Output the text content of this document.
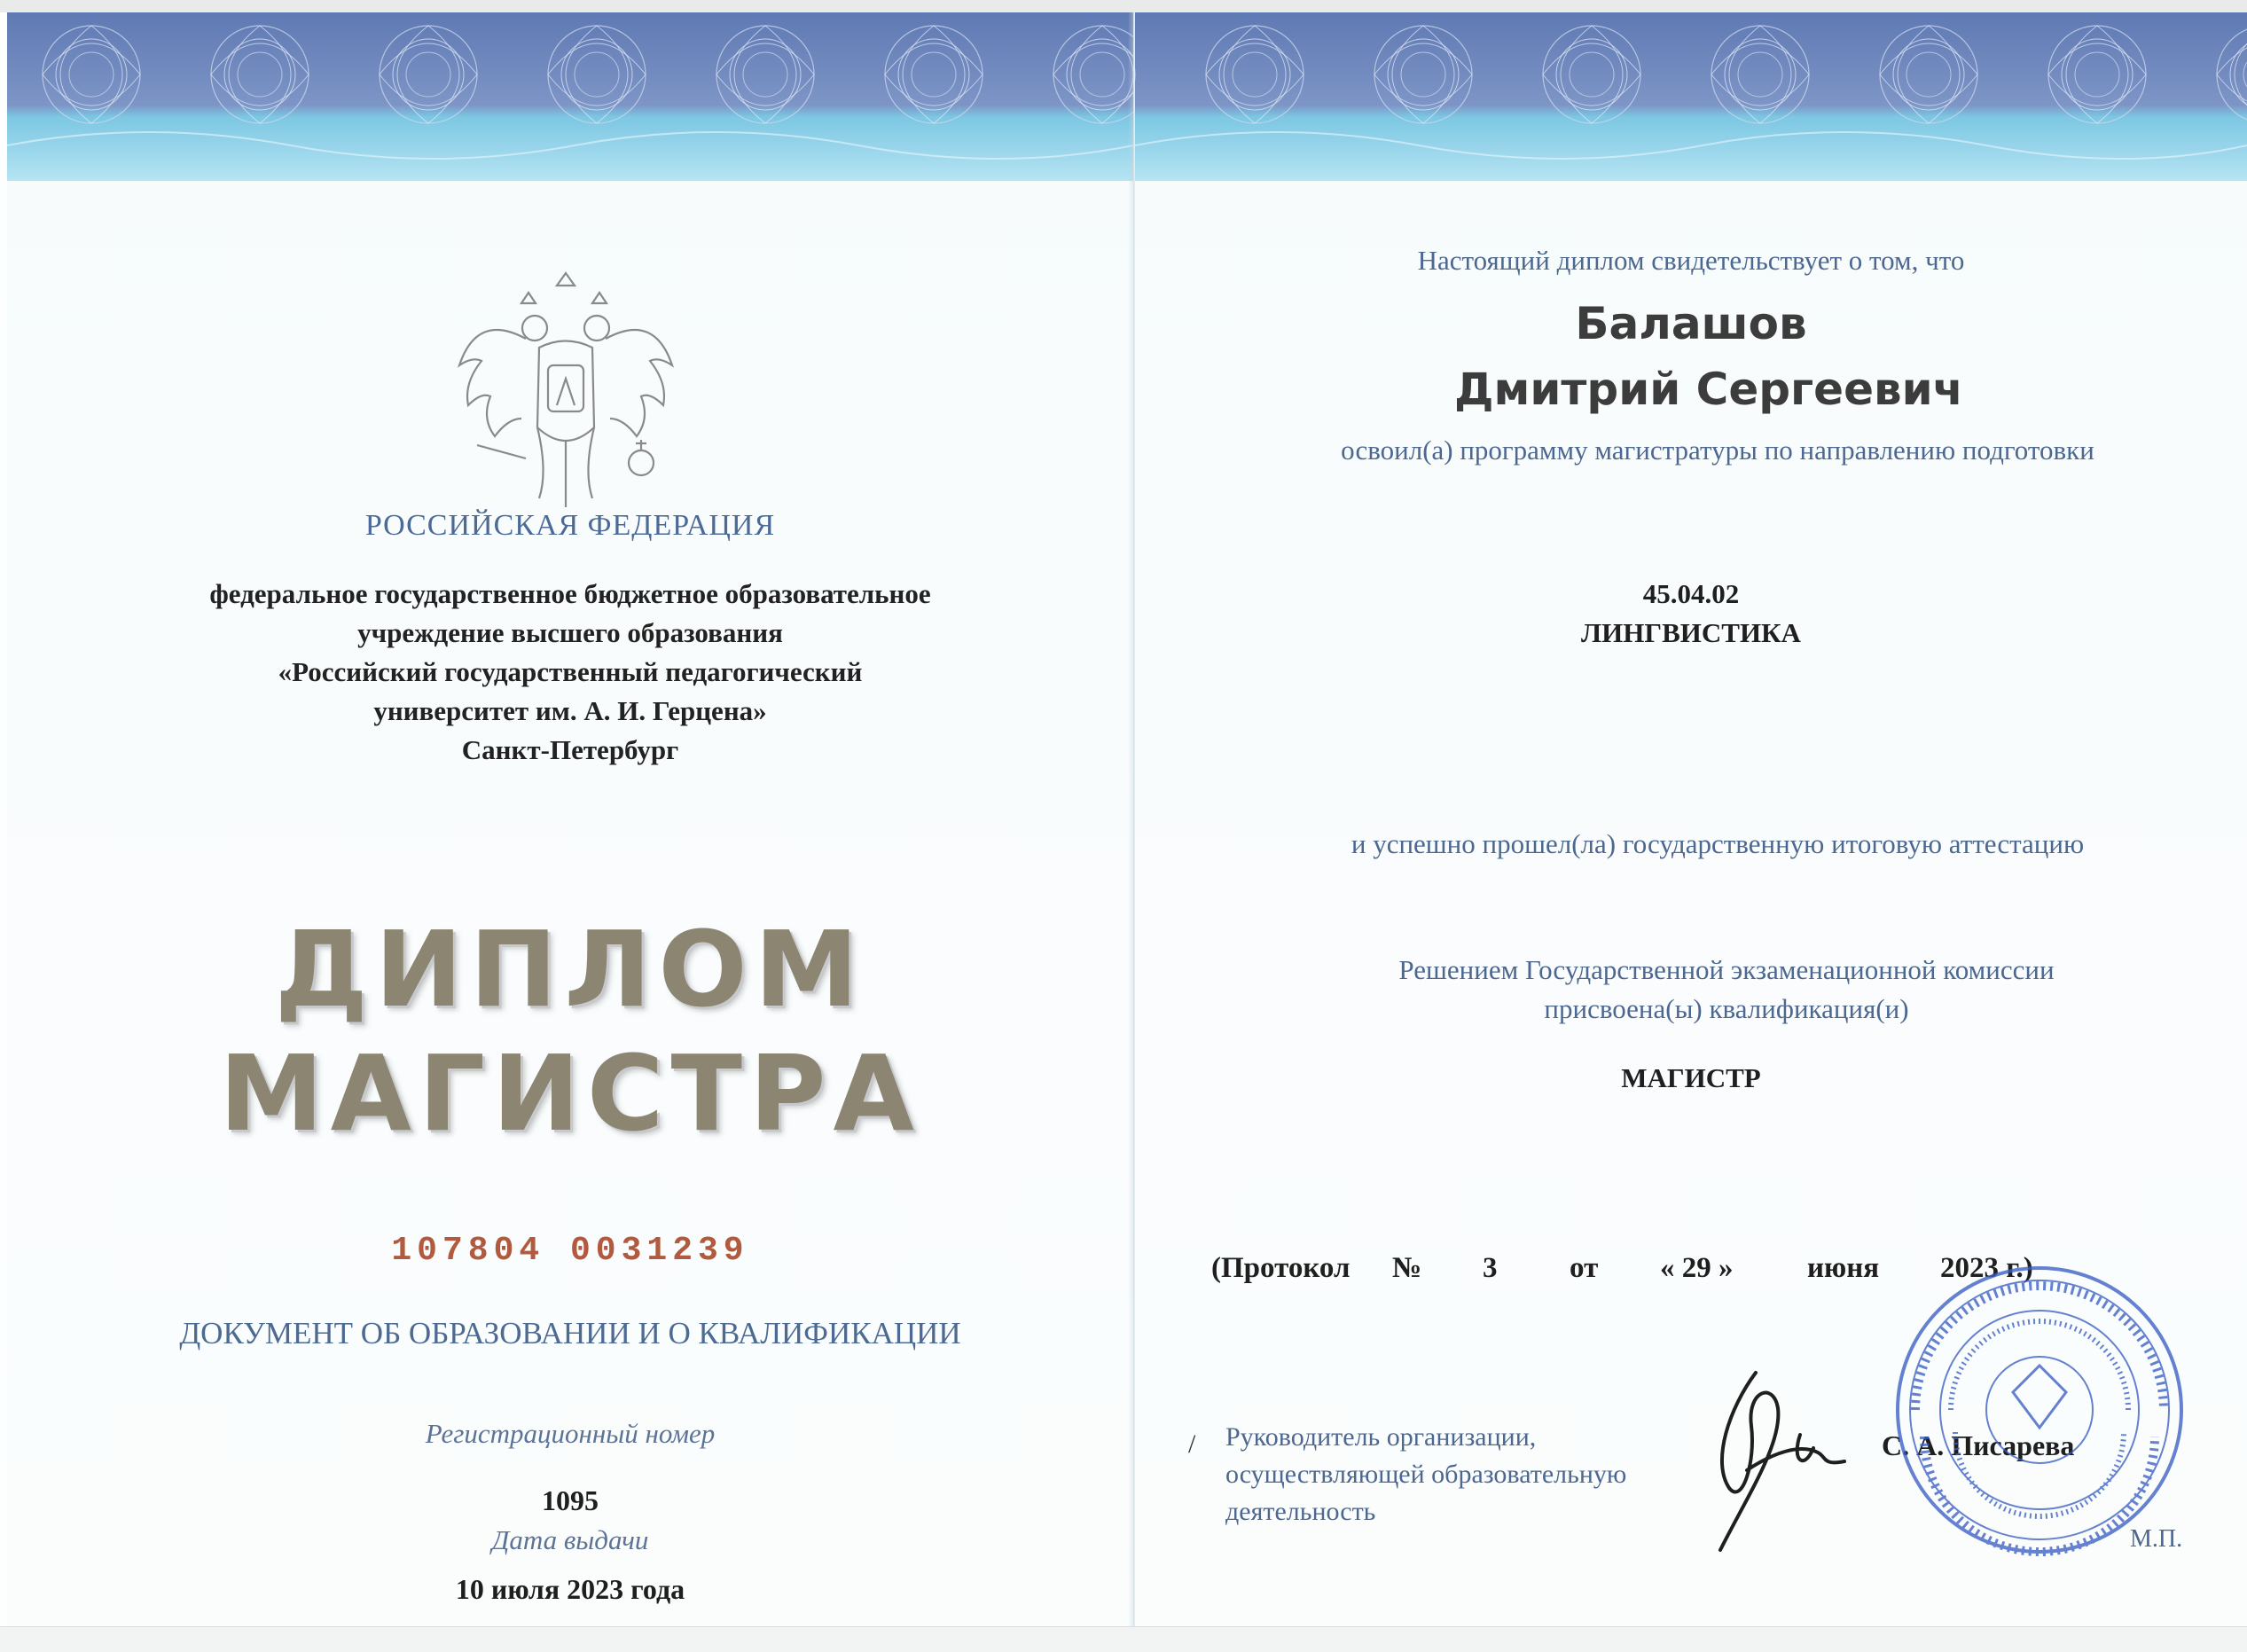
РОССИЙСКАЯ ФЕДЕРАЦИЯ

федеральное государственное бюджетное образовательное

учреждение высшего образования

«Российский государственный педагогический

университет им. А. И. Герцена»

Санкт-Петербург

ДИПЛОМ

МАГИСТРА

107804 0031239

ДОКУМЕНТ ОБ ОБРАЗОВАНИИ И О КВАЛИФИКАЦИИ

Регистрационный номер

1095

Дата выдачи

10 июля 2023 года

Настоящий диплом свидетельствует о том, что

Балашов

Дмитрий Сергеевич

освоил(а) программу магистратуры по направлению подготовки

45.04.02

ЛИНГВИСТИКА

и успешно прошел(ла) государственную итоговую аттестацию

Решением Государственной экзаменационной комиссии

присвоена(ы) квалификация(и)

МАГИСТР

(Протокол № 3 от « 29 »	июня 2023 г.)

/ Руководитель организации,

осуществляющей образовательную

деятельность

С. А. Писарева

М.П.
